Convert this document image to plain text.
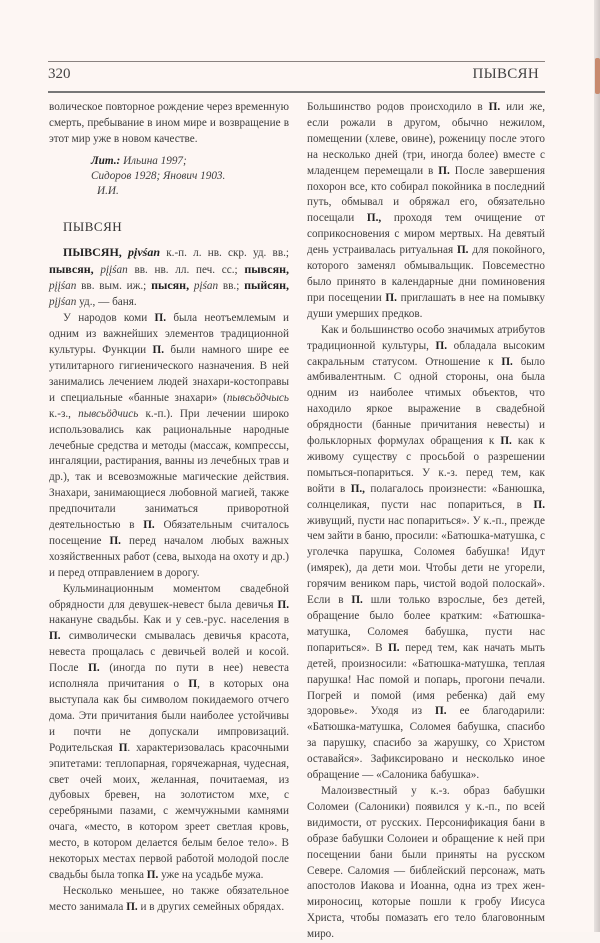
320	ПЫВСЯН

волическое повторное рождение через временную смерть, пребывание в ином мире и возвращение в этот мир уже в новом качестве.

Лит.: Ильина 1997;
Сидоров 1928; Янович 1903.
И.И.
ПЫВСЯН

ПЫВСЯН, pįvśan к.-п. л. нв. скр. уд. вв.; пывсян, pįįśan вв. нв. лл. печ. сс.; пывсян, pįįśan вв. вым. иж.; пысян, pįśan вв.; пыйсян, pįjśan уд., — баня.

У народов коми П. была неотъемлемым и одним из важнейших элементов традиционной культуры. Функции П. были намного шире ее утилитарного гигиенического назначения. В ней занимались лечением людей знахари-костоправы и специальные «банные знахари» (пывсьöдчысь к.-з., пывсьöдчись к.-п.). При лечении широко использовались как рациональные народные лечебные средства и методы (массаж, компрессы, ингаляции, растирания, ванны из лечебных трав и др.), так и всевозможные магические действия. Знахари, занимающиеся любовной магией, также предпочитали заниматься приворотной деятельностью в П. Обязательным считалось посещение П. перед началом любых важных хозяйственных работ (сева, выхода на охоту и др.) и перед отправлением в дорогу.

Кульминационным моментом свадебной обрядности для девушек-невест была девичья П. накануне свадьбы. Как и у сев.-рус. населения в П. символически смывалась девичья красота, невеста прощалась с девичьей волей и косой. После П. (иногда по пути в нее) невеста исполняла причитания о П, в которых она выступала как бы символом покидаемого отчего дома. Эти причитания были наиболее устойчивы и почти не допускали импровизаций. Родительская П. характеризовалась красочными эпитетами: теплопарная, горячежарная, чудесная, свет очей моих, желанная, почитаемая, из дубовых бревен, на золотистом мхе, с серебряными пазами, с жемчужными камнями очага, «место, в котором зреет светлая кровь, место, в котором делается белым белое тело». В некоторых местах первой работой молодой после свадьбы была топка П. уже на усадьбе мужа.

Несколько меньшее, но также обязательное место занимала П. и в других семейных обрядах.

Большинство родов происходило в П. или же, если рожали в другом, обычно нежилом, помещении (хлеве, овине), роженицу после этого на несколько дней (три, иногда более) вместе с младенцем перемещали в П. После завершения похорон все, кто собирал покойника в последний путь, обмывал и обряжал его, обязательно посещали П., проходя тем очищение от соприкосновения с миром мертвых. На девятый день устраивалась ритуальная П. для покойного, которого заменял обмывальщик. Повсеместно было принято в календарные дни поминовения при посещении П. приглашать в нее на помывку души умерших предков.

Как и большинство особо значимых атрибутов традиционной культуры, П. обладала высоким сакральным статусом. Отношение к П. было амбивалентным. С одной стороны, она была одним из наиболее чтимых объектов, что находило яркое выражение в свадебной обрядности (банные причитания невесты) и фольклорных формулах обращения к П. как к живому существу с просьбой о разрешении помыться-попариться. У к.-з. перед тем, как войти в П., полагалось произнести: «Банюшка, солнцеликая, пусти нас попариться, в П. живущий, пусти нас попариться». У к.-п., прежде чем зайти в баню, просили: «Батюшка-матушка, с уголечка парушка, Соломея бабушка! Идут (имярек), да дети мои. Чтобы дети не угорели, горячим веником парь, чистой водой полоскай». Если в П. шли только взрослые, без детей, обращение было более кратким: «Батюшка-матушка, Соломея бабушка, пусти нас попариться». В П. перед тем, как начать мыть детей, произносили: «Батюшка-матушка, теплая парушка! Нас помой и попарь, прогони печали. Погрей и помой (имя ребенка) дай ему здоровье». Уходя из П. ее благодарили: «Батюшка-матушка, Соломея бабушка, спасибо за парушку, спасибо за жарушку, со Христом оставайся». Зафиксировано и несколько иное обращение — «Салоника бабушка».

Малоизвестный у к.-з. образ бабушки Соломеи (Салоники) появился у к.-п., по всей видимости, от русских. Персонификация бани в образе бабушки Солоиеи и обращение к ней при посещении бани были приняты на русском Севере. Саломия — библейский персонаж, мать апостолов Иакова и Иоанна, одна из трех жен-мироносиц, которые пошли к гробу Иисуса Христа, чтобы помазать его тело благовонным миро.
